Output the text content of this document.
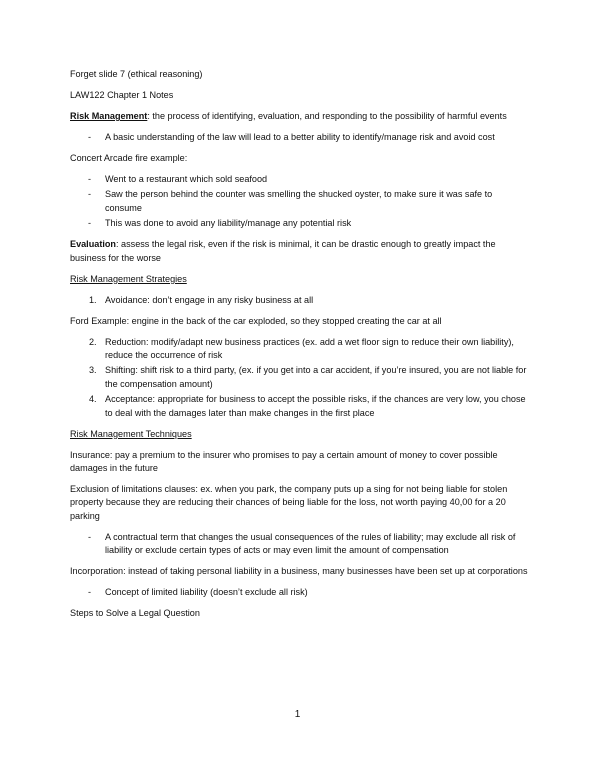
Forget slide 7 (ethical reasoning)

LAW122 Chapter 1 Notes

Risk Management: the process of identifying, evaluation, and responding to the possibility of harmful events

- A basic understanding of the law will lead to a better ability to identify/manage risk and avoid cost

Concert Arcade fire example:

- Went to a restaurant which sold seafood
- Saw the person behind the counter was smelling the shucked oyster, to make sure it was safe to consume
- This was done to avoid any liability/manage any potential risk

Evaluation: assess the legal risk, even if the risk is minimal, it can be drastic enough to greatly impact the business for the worse

Risk Management Strategies

1. Avoidance: don’t engage in any risky business at all

Ford Example: engine in the back of the car exploded, so they stopped creating the car at all

2. Reduction: modify/adapt new business practices (ex. add a wet floor sign to reduce their own liability), reduce the occurrence of risk
3. Shifting: shift risk to a third party, (ex. if you get into a car accident, if you’re insured, you are not liable for the compensation amount)
4. Acceptance: appropriate for business to accept the possible risks, if the chances are very low, you chose to deal with the damages later than make changes in the first place

Risk Management Techniques

Insurance: pay a premium to the insurer who promises to pay a certain amount of money to cover possible damages in the future

Exclusion of limitations clauses: ex. when you park, the company puts up a sing for not being liable for stolen property because they are reducing their chances of being liable for the loss, not worth paying 40,00 for a 20 parking

- A contractual term that changes the usual consequences of the rules of liability; may exclude all risk of liability or exclude certain types of acts or may even limit the amount of compensation

Incorporation: instead of taking personal liability in a business, many businesses have been set up at corporations

- Concept of limited liability (doesn’t exclude all risk)

Steps to Solve a Legal Question

1
